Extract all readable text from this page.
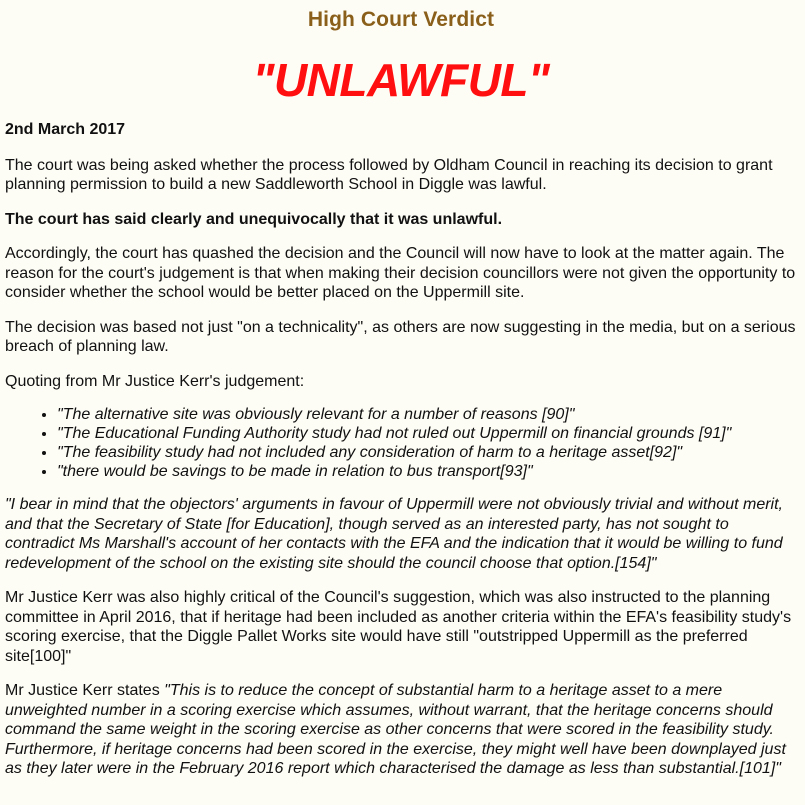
High Court Verdict
"UNLAWFUL"

2nd March 2017

The court was being asked whether the process followed by Oldham Council in reaching its decision to grant planning permission to build a new Saddleworth School in Diggle was lawful.

The court has said clearly and unequivocally that it was unlawful.

Accordingly, the court has quashed the decision and the Council will now have to look at the matter again. The reason for the court's judgement is that when making their decision councillors were not given the opportunity to consider whether the school would be better placed on the Uppermill site.

The decision was based not just "on a technicality", as others are now suggesting in the media, but on a serious breach of planning law.

Quoting from Mr Justice Kerr's judgement:

• "The alternative site was obviously relevant for a number of reasons [90]"
• "The Educational Funding Authority study had not ruled out Uppermill on financial grounds [91]"
• "The feasibility study had not included any consideration of harm to a heritage asset[92]"
• "there would be savings to be made in relation to bus transport[93]"

"I bear in mind that the objectors' arguments in favour of Uppermill were not obviously trivial and without merit, and that the Secretary of State [for Education], though served as an interested party, has not sought to contradict Ms Marshall's account of her contacts with the EFA and the indication that it would be willing to fund redevelopment of the school on the existing site should the council choose that option.[154]"

Mr Justice Kerr was also highly critical of the Council's suggestion, which was also instructed to the planning committee in April 2016, that if heritage had been included as another criteria within the EFA's feasibility study's scoring exercise, that the Diggle Pallet Works site would have still "outstripped Uppermill as the preferred site[100]"

Mr Justice Kerr states "This is to reduce the concept of substantial harm to a heritage asset to a mere unweighted number in a scoring exercise which assumes, without warrant, that the heritage concerns should command the same weight in the scoring exercise as other concerns that were scored in the feasibility study. Furthermore, if heritage concerns had been scored in the exercise, they might well have been downplayed just as they later were in the February 2016 report which characterised the damage as less than substantial.[101]"
